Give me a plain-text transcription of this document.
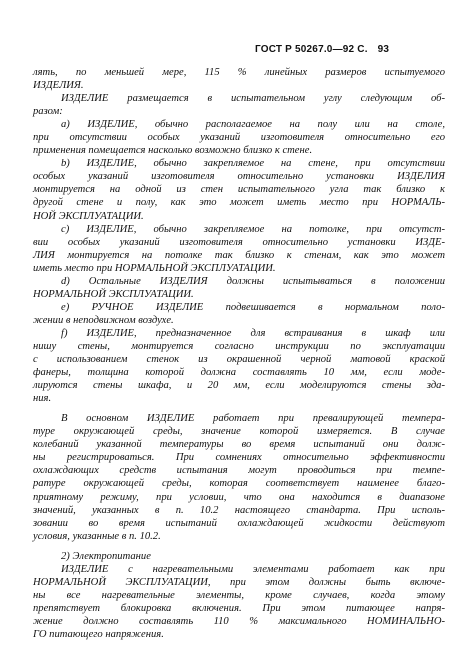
ГОСТ Р 50267.0—92 С. 93
лять, по меньшей мере, 115 % линейных размеров испытуемого
ИЗДЕЛИЯ.
ИЗДЕЛИЕ размещается в испытательном углу следующим об-
разом:
a) ИЗДЕЛИЕ, обычно располагаемое на полу или на столе,
при отсутствии особых указаний изготовителя относительно его
применения помещается насколько возможно близко к стене.
b) ИЗДЕЛИЕ, обычно закрепляемое на стене, при отсутствии
особых указаний изготовителя относительно установки ИЗДЕЛИЯ
монтируется на одной из стен испытательного угла так близко к
другой стене и полу, как это может иметь место при НОРМАЛЬ-
НОЙ ЭКСПЛУАТАЦИИ.
c) ИЗДЕЛИЕ, обычно закрепляемое на потолке, при отсутст-
вии особых указаний изготовителя относительно установки ИЗДЕ-
ЛИЯ монтируется на потолке так близко к стенам, как это может
иметь место при НОРМАЛЬНОЙ ЭКСПЛУАТАЦИИ.
d) Остальные ИЗДЕЛИЯ должны испытываться в положении
НОРМАЛЬНОЙ ЭКСПЛУАТАЦИИ.
e) РУЧНОЕ ИЗДЕЛИЕ подвешивается в нормальном поло-
жении в неподвижном воздухе.
f) ИЗДЕЛИЕ, предназначенное для встраивания в шкаф или
нишу стены, монтируется согласно инструкции по эксплуатации
с использованием стенок из окрашенной черной матовой краской
фанеры, толщина которой должна составлять 10 мм, если моде-
лируются стены шкафа, и 20 мм, если моделируются стены зда-
ния.
В основном ИЗДЕЛИЕ работает при превалирующей темпера-
туре окружающей среды, значение которой измеряется. В случае
колебаний указанной температуры во время испытаний они долж-
ны регистрироваться. При сомнениях относительно эффективности
охлаждающих средств испытания могут проводиться при темпе-
ратуре окружающей среды, которая соответствует наименее благо-
приятному режиму, при условии, что она находится в диапазоне
значений, указанных в п. 10.2 настоящего стандарта. При исполь-
зовании во время испытаний охлаждающей жидкости действуют
условия, указанные в п. 10.2.
2) Электропитание
ИЗДЕЛИЕ с нагревательными элементами работает как при
НОРМАЛЬНОЙ ЭКСПЛУАТАЦИИ, при этом должны быть включе-
ны все нагревательные элементы, кроме случаев, когда этому
препятствует блокировка включения. При этом питающее напря-
жение должно составлять 110 % максимального НОМИНАЛЬНО-
ГО питающего напряжения.
